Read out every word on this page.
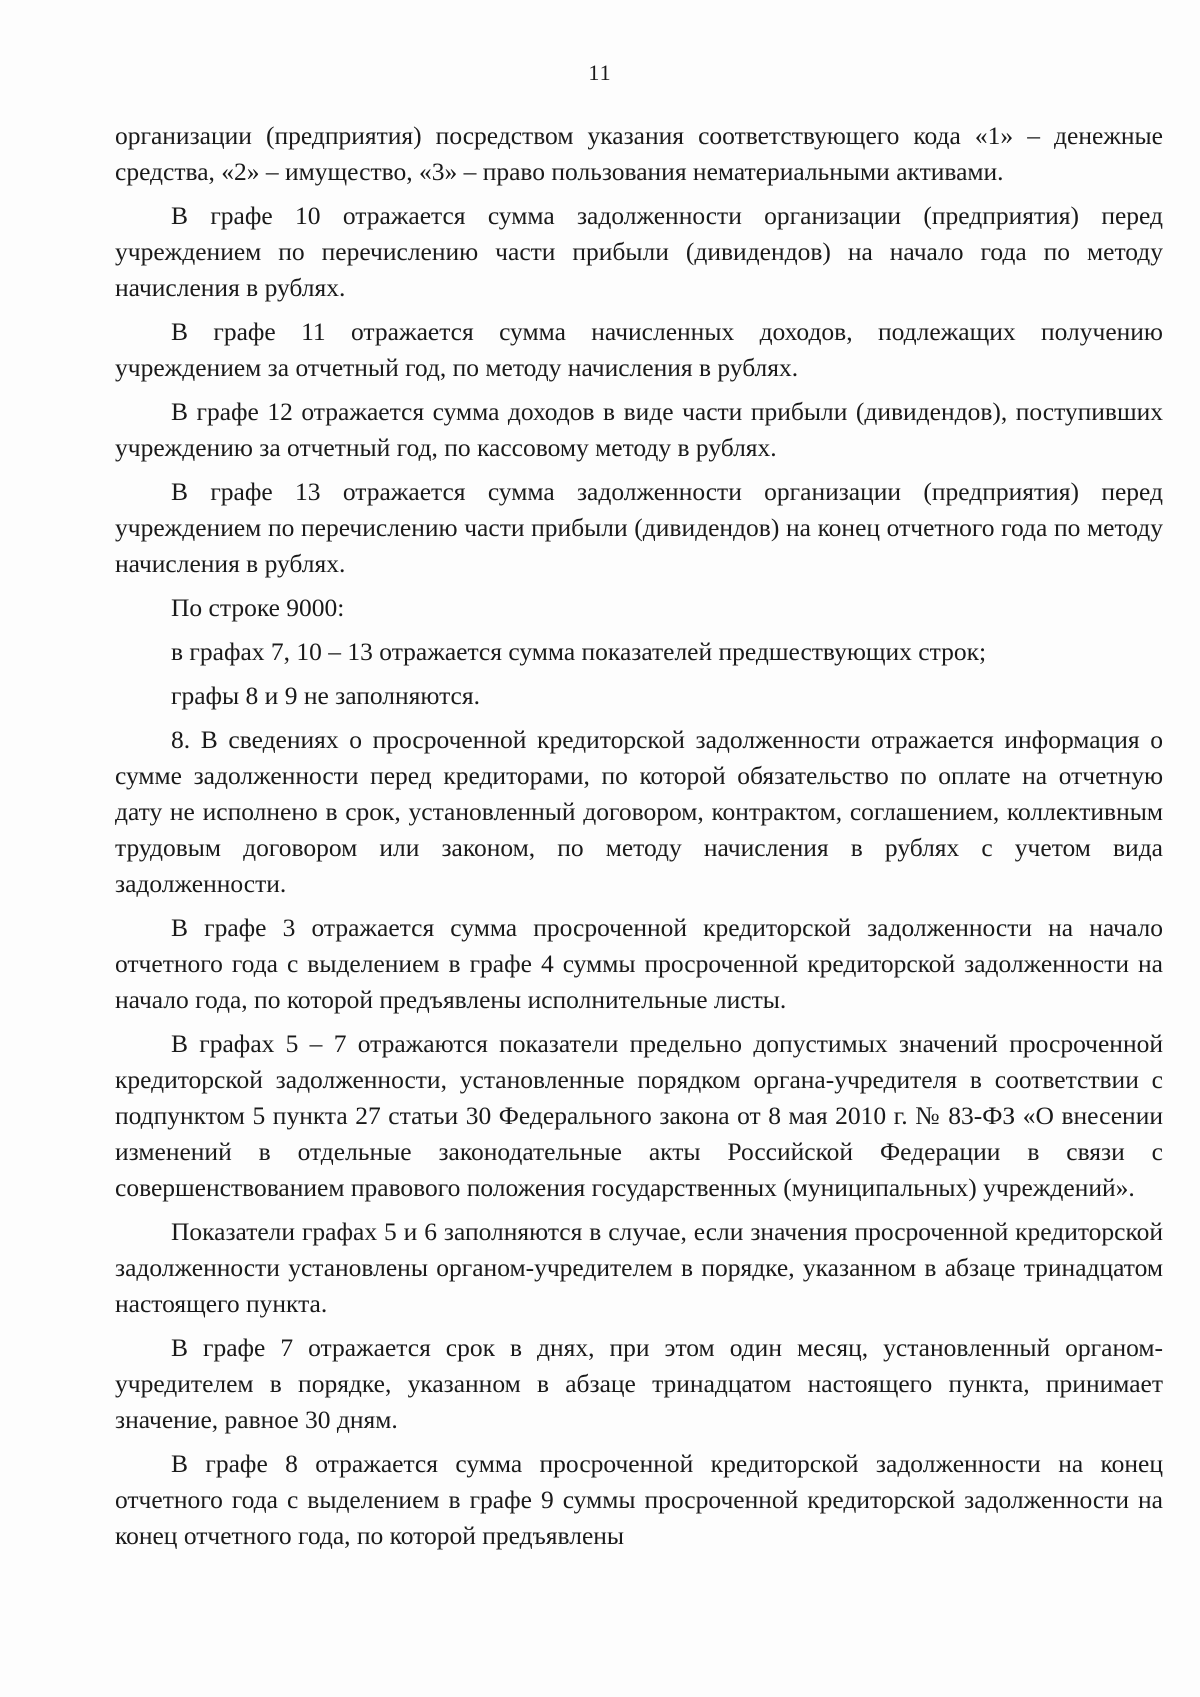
11

организации (предприятия) посредством указания соответствующего кода «1» – денежные средства, «2» – имущество, «3» – право пользования нематериальными активами.

В графе 10 отражается сумма задолженности организации (предприятия) перед учреждением по перечислению части прибыли (дивидендов) на начало года по методу начисления в рублях.

В графе 11 отражается сумма начисленных доходов, подлежащих получению учреждением за отчетный год, по методу начисления в рублях.

В графе 12 отражается сумма доходов в виде части прибыли (дивидендов), поступивших учреждению за отчетный год, по кассовому методу в рублях.

В графе 13 отражается сумма задолженности организации (предприятия) перед учреждением по перечислению части прибыли (дивидендов) на конец отчетного года по методу начисления в рублях.

По строке 9000:

в графах 7, 10 – 13 отражается сумма показателей предшествующих строк;

графы 8 и 9 не заполняются.

8. В сведениях о просроченной кредиторской задолженности отражается информация о сумме задолженности перед кредиторами, по которой обязательство по оплате на отчетную дату не исполнено в срок, установленный договором, контрактом, соглашением, коллективным трудовым договором или законом, по методу начисления в рублях с учетом вида задолженности.

В графе 3 отражается сумма просроченной кредиторской задолженности на начало отчетного года с выделением в графе 4 суммы просроченной кредиторской задолженности на начало года, по которой предъявлены исполнительные листы.

В графах 5 – 7 отражаются показатели предельно допустимых значений просроченной кредиторской задолженности, установленные порядком органа-учредителя в соответствии с подпунктом 5 пункта 27 статьи 30 Федерального закона от 8 мая 2010 г. № 83-ФЗ «О внесении изменений в отдельные законодательные акты Российской Федерации в связи с совершенствованием правового положения государственных (муниципальных) учреждений».

Показатели графах 5 и 6 заполняются в случае, если значения просроченной кредиторской задолженности установлены органом-учредителем в порядке, указанном в абзаце тринадцатом настоящего пункта.

В графе 7 отражается срок в днях, при этом один месяц, установленный органом-учредителем в порядке, указанном в абзаце тринадцатом настоящего пункта, принимает значение, равное 30 дням.

В графе 8 отражается сумма просроченной кредиторской задолженности на конец отчетного года с выделением в графе 9 суммы просроченной кредиторской задолженности на конец отчетного года, по которой предъявлены
